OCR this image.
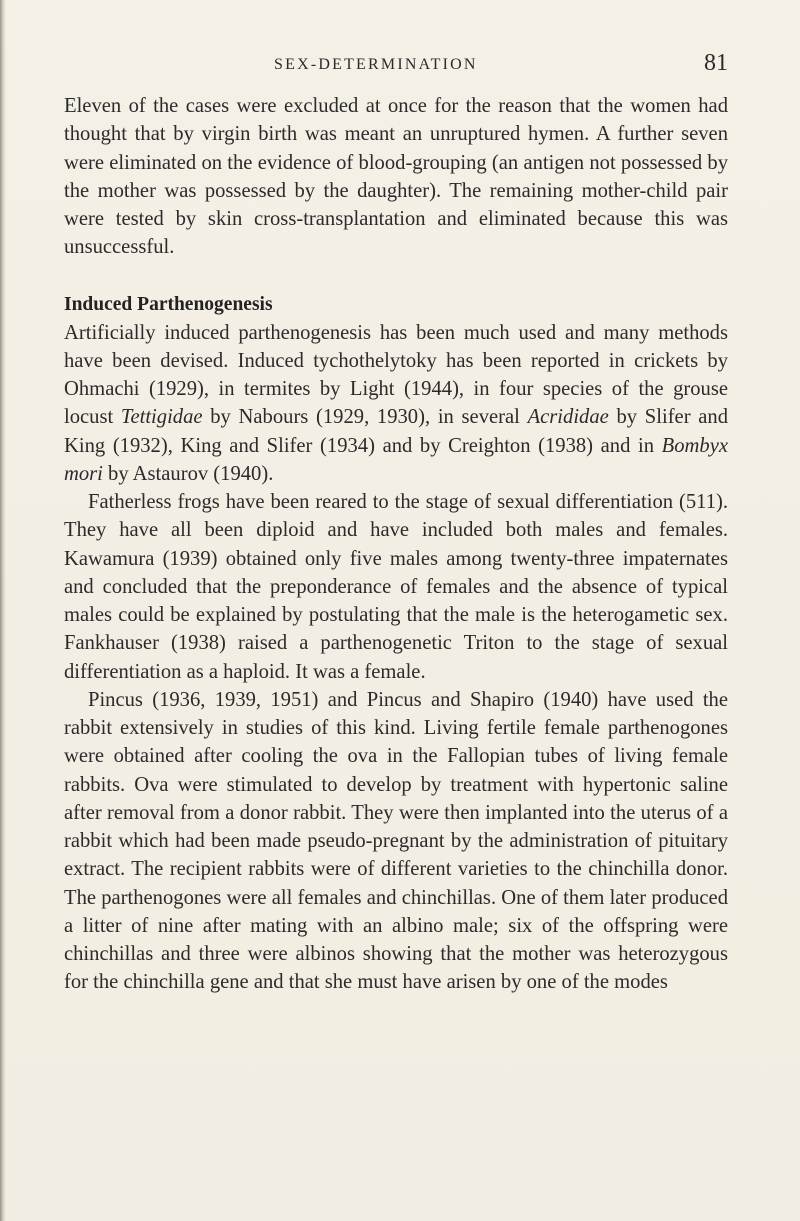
SEX-DETERMINATION	81

Eleven of the cases were excluded at once for the reason that the women had thought that by virgin birth was meant an unruptured hymen. A further seven were eliminated on the evidence of blood-grouping (an antigen not possessed by the mother was possessed by the daughter). The remaining mother-child pair were tested by skin cross-transplantation and eliminated because this was unsuccessful.

Induced Parthenogenesis

Artificially induced parthenogenesis has been much used and many methods have been devised. Induced tychothelytoky has been reported in crickets by Ohmachi (1929), in termites by Light (1944), in four species of the grouse locust Tettigidae by Nabours (1929, 1930), in several Acrididae by Slifer and King (1932), King and Slifer (1934) and by Creighton (1938) and in Bombyx mori by Astaurov (1940).

Fatherless frogs have been reared to the stage of sexual differentiation (511). They have all been diploid and have included both males and females. Kawamura (1939) obtained only five males among twenty-three impaternates and concluded that the preponderance of females and the absence of typical males could be explained by postulating that the male is the heterogametic sex. Fankhauser (1938) raised a parthenogenetic Triton to the stage of sexual differentiation as a haploid. It was a female.

Pincus (1936, 1939, 1951) and Pincus and Shapiro (1940) have used the rabbit extensively in studies of this kind. Living fertile female parthenogones were obtained after cooling the ova in the Fallopian tubes of living female rabbits. Ova were stimulated to develop by treatment with hypertonic saline after removal from a donor rabbit. They were then implanted into the uterus of a rabbit which had been made pseudo-pregnant by the administration of pituitary extract. The recipient rabbits were of different varieties to the chinchilla donor. The parthenogones were all females and chinchillas. One of them later produced a litter of nine after mating with an albino male; six of the offspring were chinchillas and three were albinos showing that the mother was heterozygous for the chinchilla gene and that she must have arisen by one of the modes
